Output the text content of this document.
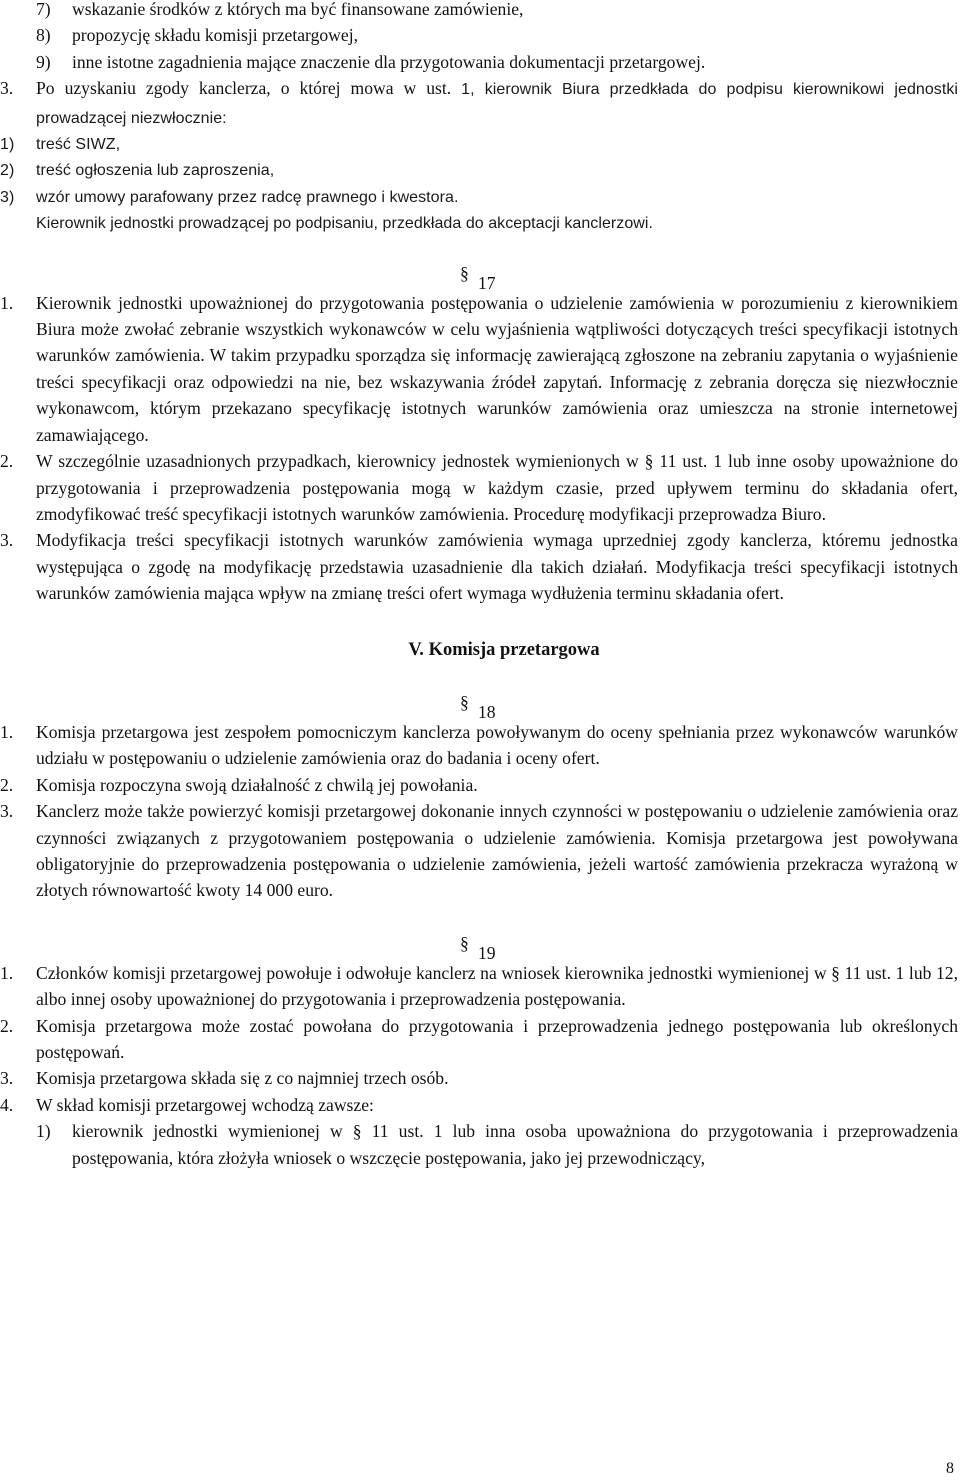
7) wskazanie środków z których ma być finansowane zamówienie,
8) propozycję składu komisji przetargowej,
9) inne istotne zagadnienia mające znaczenie dla przygotowania dokumentacji przetargowej.
3. Po uzyskaniu zgody kanclerza, o której mowa w ust. 1, kierownik Biura przedkłada do podpisu kierownikowi jednostki prowadzącej niezwłocznie:
1) treść SIWZ,
2) treść ogłoszenia lub zaproszenia,
3) wzór umowy parafowany przez radcę prawnego i kwestora.
Kierownik jednostki prowadzącej po podpisaniu, przedkłada do akceptacji kanclerzowi.
§ 17
1. Kierownik jednostki upoważnionej do przygotowania postępowania o udzielenie zamówienia w porozumieniu z kierownikiem Biura może zwołać zebranie wszystkich wykonawców w celu wyjaśnienia wątpliwości dotyczących treści specyfikacji istotnych warunków zamówienia. W takim przypadku sporządza się informację zawierającą zgłoszone na zebraniu zapytania o wyjaśnienie treści specyfikacji oraz odpowiedzi na nie, bez wskazywania źródeł zapytań. Informację z zebrania doręcza się niezwłocznie wykonawcom, którym przekazano specyfikację istotnych warunków zamówienia oraz umieszcza na stronie internetowej zamawiającego.
2. W szczególnie uzasadnionych przypadkach, kierownicy jednostek wymienionych w § 11 ust. 1 lub inne osoby upoważnione do przygotowania i przeprowadzenia postępowania mogą w każdym czasie, przed upływem terminu do składania ofert, zmodyfikować treść specyfikacji istotnych warunków zamówienia. Procedurę modyfikacji przeprowadza Biuro.
3. Modyfikacja treści specyfikacji istotnych warunków zamówienia wymaga uprzedniej zgody kanclerza, któremu jednostka występująca o zgodę na modyfikację przedstawia uzasadnienie dla takich działań. Modyfikacja treści specyfikacji istotnych warunków zamówienia mająca wpływ na zmianę treści ofert wymaga wydłużenia terminu składania ofert.
V. Komisja przetargowa
§ 18
1. Komisja przetargowa jest zespołem pomocniczym kanclerza powoływanym do oceny spełniania przez wykonawców warunków udziału w postępowaniu o udzielenie zamówienia oraz do badania i oceny ofert.
2. Komisja rozpoczyna swoją działalność z chwilą jej powołania.
3. Kanclerz może także powierzyć komisji przetargowej dokonanie innych czynności w postępowaniu o udzielenie zamówienia oraz czynności związanych z przygotowaniem postępowania o udzielenie zamówienia. Komisja przetargowa jest powoływana obligatoryjnie do przeprowadzenia postępowania o udzielenie zamówienia, jeżeli wartość zamówienia przekracza wyrażoną w złotych równowartość kwoty 14 000 euro.
§ 19
1. Członków komisji przetargowej powołuje i odwołuje kanclerz na wniosek kierownika jednostki wymienionej w § 11 ust. 1 lub 12, albo innej osoby upoważnionej do przygotowania i przeprowadzenia postępowania.
2. Komisja przetargowa może zostać powołana do przygotowania i przeprowadzenia jednego postępowania lub określonych postępowań.
3. Komisja przetargowa składa się z co najmniej trzech osób.
4. W skład komisji przetargowej wchodzą zawsze:
1) kierownik jednostki wymienionej w § 11 ust. 1 lub inna osoba upoważniona do przygotowania i przeprowadzenia postępowania, która złożyła wniosek o wszczęcie postępowania, jako jej przewodniczący,
8
